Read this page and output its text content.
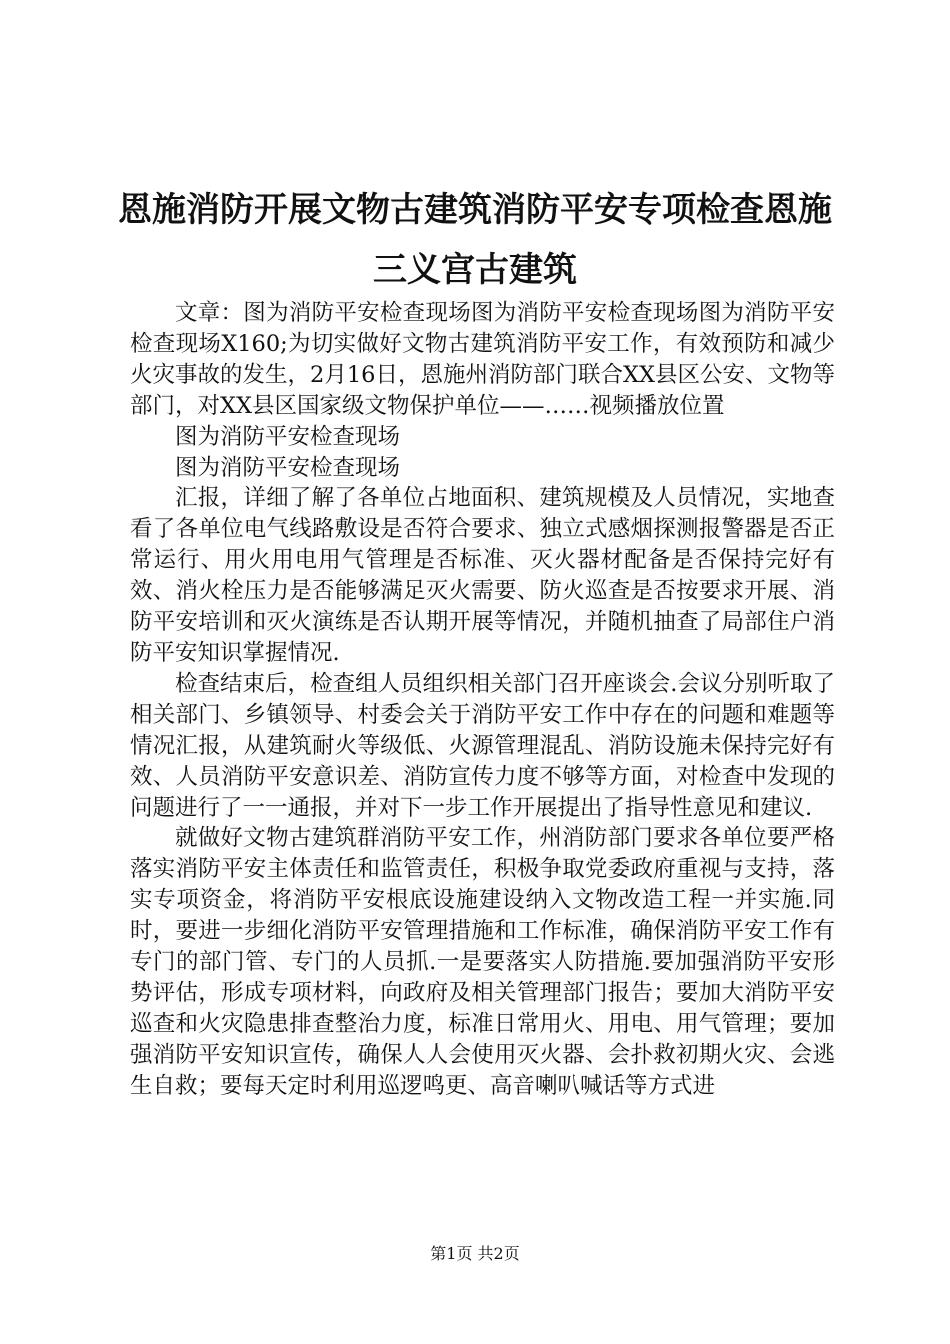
恩施消防开展文物古建筑消防平安专项检查恩施三义宫古建筑

文章：图为消防平安检查现场图为消防平安检查现场图为消防平安检查现场X160;为切实做好文物古建筑消防平安工作，有效预防和减少火灾事故的发生，2月16日，恩施州消防部门联合XX县区公安、文物等部门，对XX县区国家级文物保护单位——……视频播放位置

图为消防平安检查现场

图为消防平安检查现场

汇报，详细了解了各单位占地面积、建筑规模及人员情况，实地查看了各单位电气线路敷设是否符合要求、独立式感烟探测报警器是否正常运行、用火用电用气管理是否标准、灭火器材配备是否保持完好有效、消火栓压力是否能够满足灭火需要、防火巡查是否按要求开展、消防平安培训和灭火演练是否认期开展等情况，并随机抽查了局部住户消防平安知识掌握情况.

检查结束后，检查组人员组织相关部门召开座谈会.会议分别听取了相关部门、乡镇领导、村委会关于消防平安工作中存在的问题和难题等情况汇报，从建筑耐火等级低、火源管理混乱、消防设施未保持完好有效、人员消防平安意识差、消防宣传力度不够等方面，对检查中发现的问题进行了一一通报，并对下一步工作开展提出了指导性意见和建议.

就做好文物古建筑群消防平安工作，州消防部门要求各单位要严格落实消防平安主体责任和监管责任，积极争取党委政府重视与支持，落实专项资金，将消防平安根底设施建设纳入文物改造工程一并实施.同时，要进一步细化消防平安管理措施和工作标准，确保消防平安工作有专门的部门管、专门的人员抓.一是要落实人防措施.要加强消防平安形势评估，形成专项材料，向政府及相关管理部门报告；要加大消防平安巡查和火灾隐患排查整治力度，标准日常用火、用电、用气管理；要加强消防平安知识宣传，确保人人会使用灭火器、会扑救初期火灾、会逃生自救；要每天定时利用巡逻鸣更、高音喇叭喊话等方式进

第1页 共2页
